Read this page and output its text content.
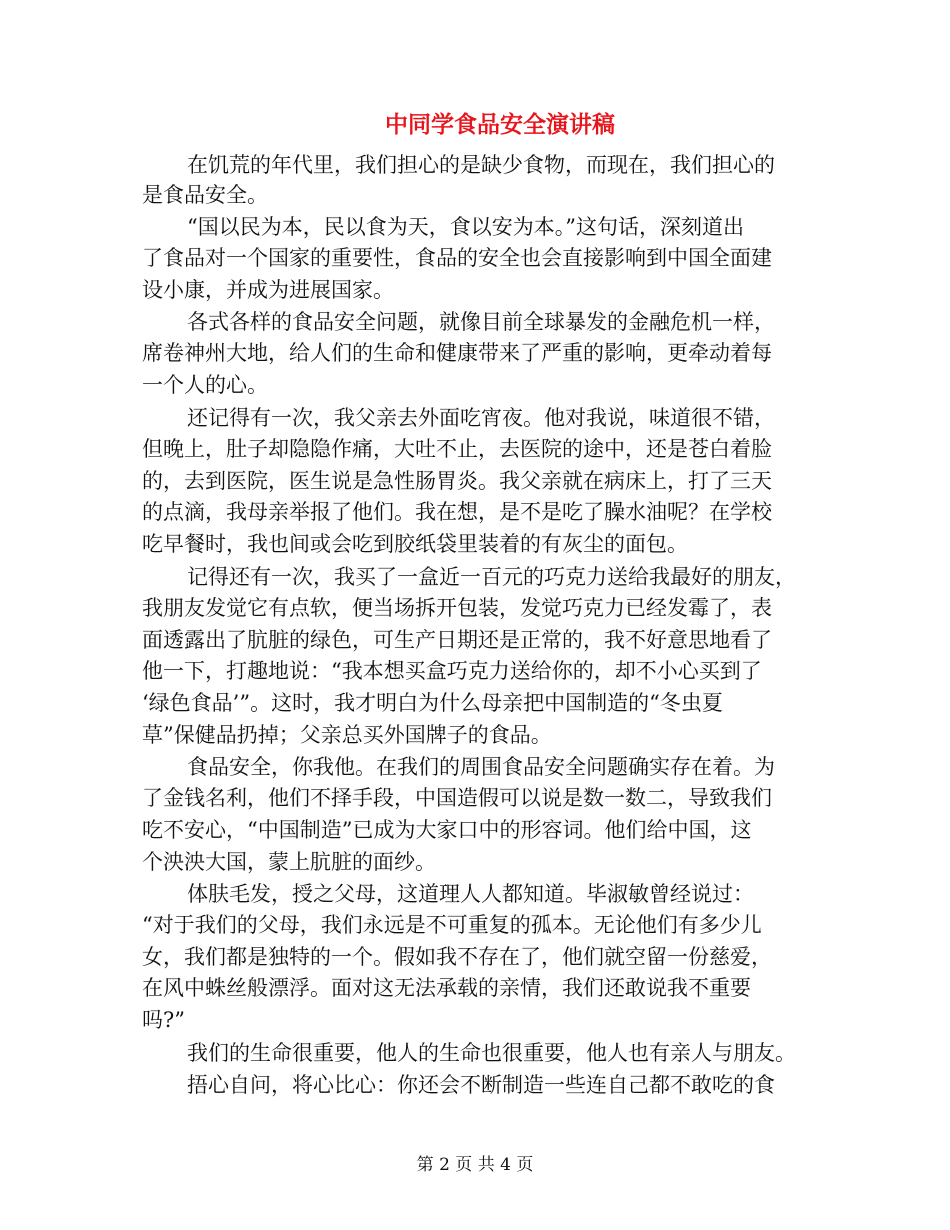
中同学食品安全演讲稿

在饥荒的年代里，我们担心的是缺少食物，而现在，我们担心的

是食品安全。

“国以民为本，民以食为天，食以安为本。”这句话，深刻道出

了食品对一个国家的重要性，食品的安全也会直接影响到中国全面建

设小康，并成为进展国家。

各式各样的食品安全问题，就像目前全球暴发的金融危机一样，

席卷神州大地，给人们的生命和健康带来了严重的影响，更牵动着每

一个人的心。

还记得有一次，我父亲去外面吃宵夜。他对我说，味道很不错，

但晚上，肚子却隐隐作痛，大吐不止，去医院的途中，还是苍白着脸

的，去到医院，医生说是急性肠胃炎。我父亲就在病床上，打了三天

的点滴，我母亲举报了他们。我在想，是不是吃了臊水油呢？在学校

吃早餐时，我也间或会吃到胶纸袋里装着的有灰尘的面包。

记得还有一次，我买了一盒近一百元的巧克力送给我最好的朋友，

我朋友发觉它有点软，便当场拆开包装，发觉巧克力已经发霉了，表

面透露出了肮脏的绿色，可生产日期还是正常的，我不好意思地看了

他一下，打趣地说：“我本想买盒巧克力送给你的，却不小心买到了

‘绿色食品’”。这时，我才明白为什么母亲把中国制造的“冬虫夏

草”保健品扔掉；父亲总买外国牌子的食品。

食品安全，你我他。在我们的周围食品安全问题确实存在着。为

了金钱名利，他们不择手段，中国造假可以说是数一数二，导致我们

吃不安心，“中国制造”已成为大家口中的形容词。他们给中国，这

个泱泱大国，蒙上肮脏的面纱。

体肤毛发，授之父母，这道理人人都知道。毕淑敏曾经说过：

“对于我们的父母，我们永远是不可重复的孤本。无论他们有多少儿

女，我们都是独特的一个。假如我不存在了，他们就空留一份慈爱，

在风中蛛丝般漂浮。面对这无法承载的亲情，我们还敢说我不重要

吗?”

我们的生命很重要，他人的生命也很重要，他人也有亲人与朋友。

捂心自问，将心比心：你还会不断制造一些连自己都不敢吃的食

第 2 页 共 4 页
